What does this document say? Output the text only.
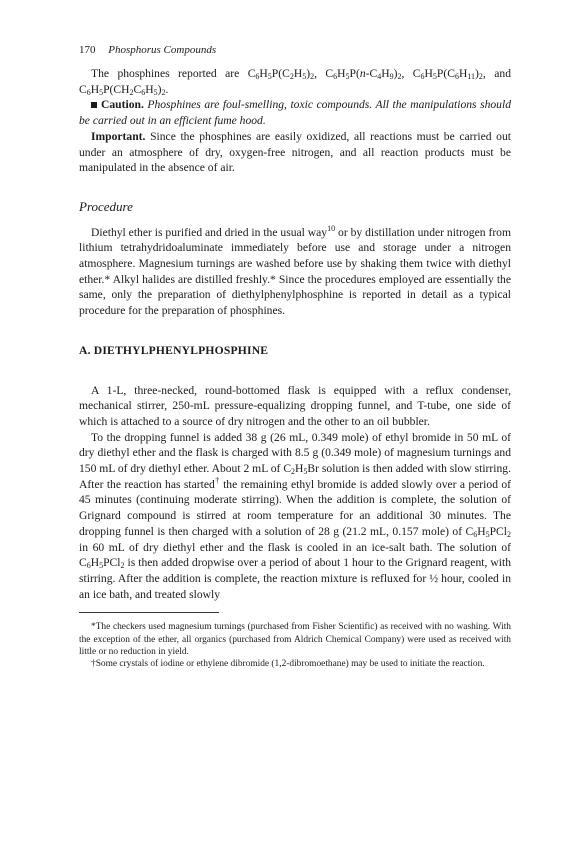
170 Phosphorus Compounds

The phosphines reported are $C_6H_5P(C_2H_5)_2$, $C_6H_5P(n-C_4H_9)_2$, $C_6H_5P(C_6H_{11})_2$, and $C_6H_5P(CH_2C_6H_5)_2$.

Caution. Phosphines are foul-smelling, toxic compounds. All the manipulations should be carried out in an efficient fume hood.

Important. Since the phosphines are easily oxidized, all reactions must be carried out under an atmosphere of dry, oxygen-free nitrogen, and all reaction products must be manipulated in the absence of air.

Procedure

Diethyl ether is purified and dried in the usual way$^{10}$ or by distillation under nitrogen from lithium tetrahydridoaluminate immediately before use and storage under a nitrogen atmosphere. Magnesium turnings are washed before use by shaking them twice with diethyl ether.* Alkyl halides are distilled freshly.* Since the procedures employed are essentially the same, only the preparation of diethylphenylphosphine is reported in detail as a typical procedure for the preparation of phosphines.

A. DIETHYLPHENYLPHOSPHINE

A 1-L, three-necked, round-bottomed flask is equipped with a reflux condenser, mechanical stirrer, 250-mL pressure-equalizing dropping funnel, and T-tube, one side of which is attached to a source of dry nitrogen and the other to an oil bubbler.

To the dropping funnel is added 38 g (26 mL, 0.349 mole) of ethyl bromide in 50 mL of dry diethyl ether and the flask is charged with 8.5 g (0.349 mole) of magnesium turnings and 150 mL of dry diethyl ether. About 2 mL of $C_2H_5Br$ solution is then added with slow stirring. After the reaction has started† the remaining ethyl bromide is added slowly over a period of 45 minutes (continuing moderate stirring). When the addition is complete, the solution of Grignard compound is stirred at room temperature for an additional 30 minutes. The dropping funnel is then charged with a solution of 28 g (21.2 mL, 0.157 mole) of $C_6H_5PCl_2$ in 60 mL of dry diethyl ether and the flask is cooled in an ice-salt bath. The solution of $C_6H_5PCl_2$ is then added dropwise over a period of about 1 hour to the Grignard reagent, with stirring. After the addition is complete, the reaction mixture is refluxed for ½ hour, cooled in an ice bath, and treated slowly

*The checkers used magnesium turnings (purchased from Fisher Scientific) as received with no washing. With the exception of the ether, all organics (purchased from Aldrich Chemical Company) were used as received with little or no reduction in yield.

†Some crystals of iodine or ethylene dibromide (1,2-dibromoethane) may be used to initiate the reaction.
